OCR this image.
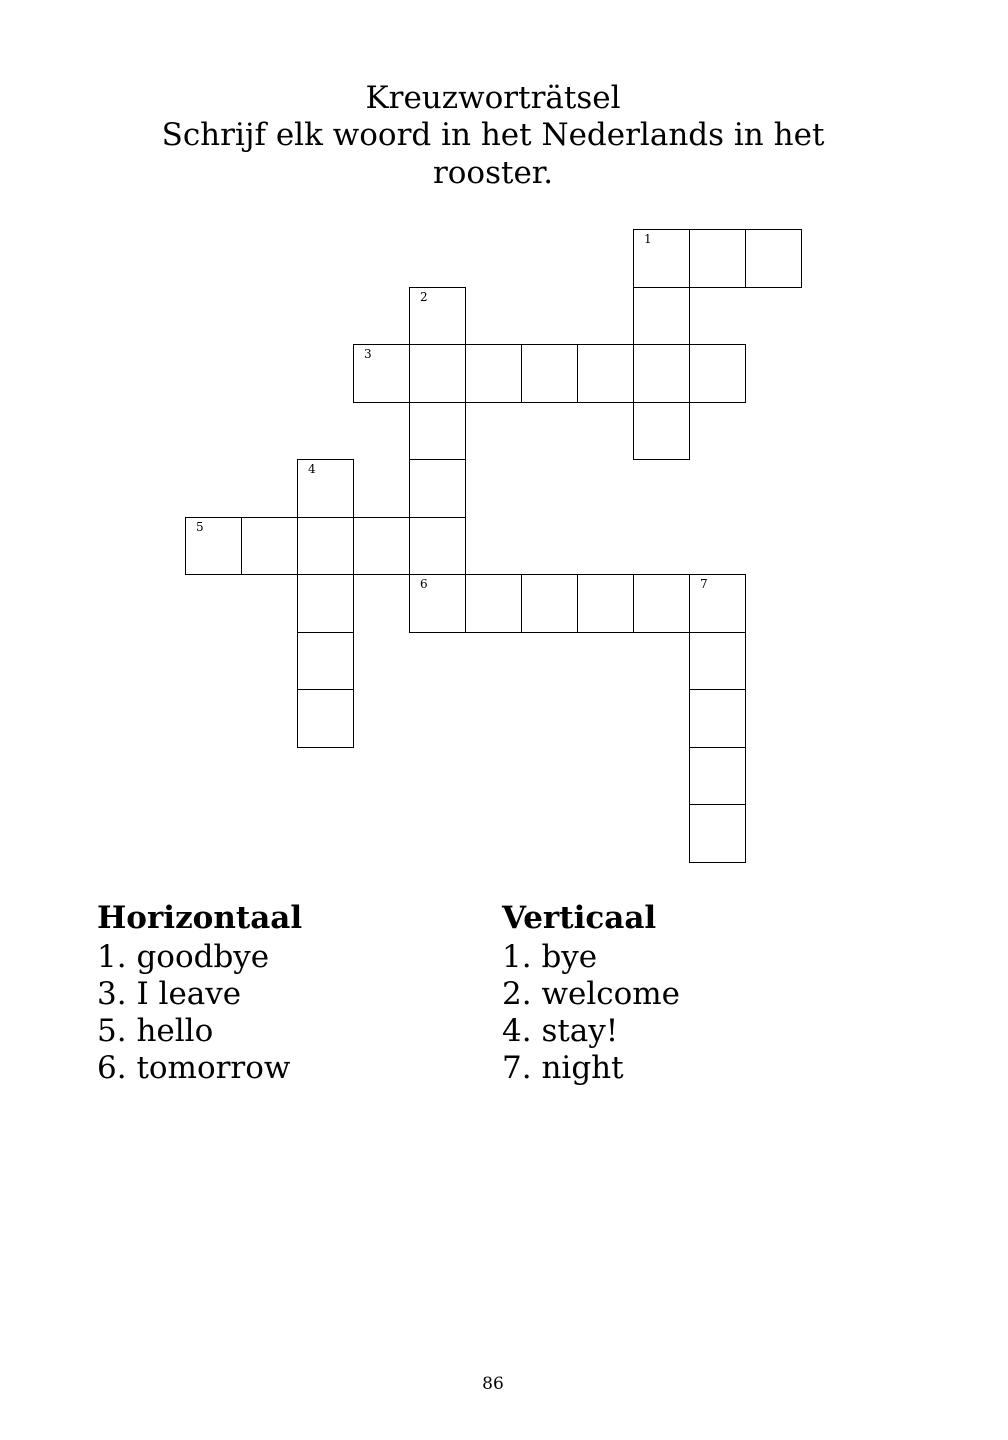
Kreuzworträtsel
Schrijf elk woord in het Nederlands in het
rooster.
1
2
3
4
5
6	7
Horizontaal
1. goodbye
3. I leave
5. hello
6. tomorrow
Verticaal
1. bye
2. welcome
4. stay!
7. night
86
